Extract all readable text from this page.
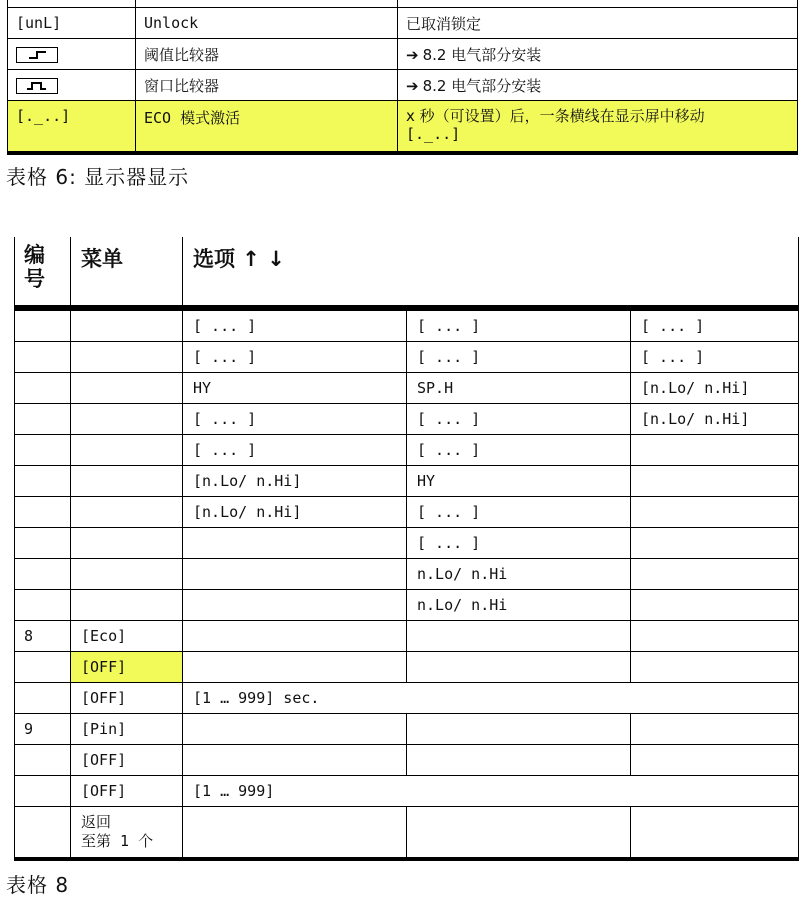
[unL]	Unlock	已取消锁定

	阈值比较器	➔ 8.2 电气部分安装

	窗口比较器	➔ 8.2 电气部分安装
[._..]	ECO 模式激活	x 秒（可设置）后，一条横线在显示屏中移动
[._..]
表格 6: 显示器显示
编号	菜单	选项 ↑ ↓		
		[ ... ]	[ ... ]	[ ... ]
		[ ... ]	[ ... ]	[ ... ]
		HY	SP.H	[n.Lo/ n.Hi]
		[ ... ]	[ ... ]	[n.Lo/ n.Hi]
		[ ... ]	[ ... ]	
		[n.Lo/ n.Hi]	HY	
		[n.Lo/ n.Hi]	[ ... ]	
			[ ... ]	
			n.Lo/ n.Hi	
			n.Lo/ n.Hi	
8	[Eco]			
	[OFF]			
	[OFF]	[1 … 999] sec.		
9	[Pin]			
	[OFF]			
	[OFF]	[1 … 999]		

	返回
至第 1 个			

表格 8
